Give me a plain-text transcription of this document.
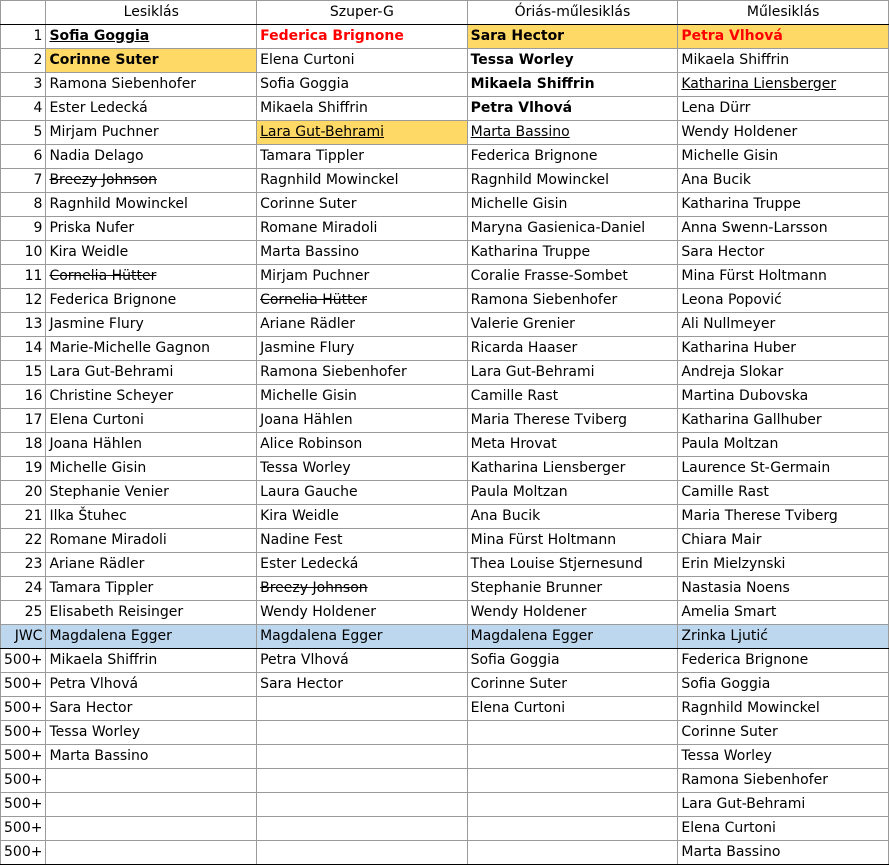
	Lesiklás	Szuper-G	Óriás-műlesiklás	Műlesiklás
1	Sofia Goggia	Federica Brignone	Sara Hector	Petra Vlhová
2	Corinne Suter	Elena Curtoni	Tessa Worley	Mikaela Shiffrin
3	Ramona Siebenhofer	Sofia Goggia	Mikaela Shiffrin	Katharina Liensberger
4	Ester Ledecká	Mikaela Shiffrin	Petra Vlhová	Lena Dürr
5	Mirjam Puchner	Lara Gut-Behrami	Marta Bassino	Wendy Holdener
6	Nadia Delago	Tamara Tippler	Federica Brignone	Michelle Gisin
7	Breezy Johnson	Ragnhild Mowinckel	Ragnhild Mowinckel	Ana Bucik
8	Ragnhild Mowinckel	Corinne Suter	Michelle Gisin	Katharina Truppe
9	Priska Nufer	Romane Miradoli	Maryna Gasienica-Daniel	Anna Swenn-Larsson
10	Kira Weidle	Marta Bassino	Katharina Truppe	Sara Hector
11	Cornelia Hütter	Mirjam Puchner	Coralie Frasse-Sombet	Mina Fürst Holtmann
12	Federica Brignone	Cornelia Hütter	Ramona Siebenhofer	Leona Popović
13	Jasmine Flury	Ariane Rädler	Valerie Grenier	Ali Nullmeyer
14	Marie-Michelle Gagnon	Jasmine Flury	Ricarda Haaser	Katharina Huber
15	Lara Gut-Behrami	Ramona Siebenhofer	Lara Gut-Behrami	Andreja Slokar
16	Christine Scheyer	Michelle Gisin	Camille Rast	Martina Dubovska
17	Elena Curtoni	Joana Hählen	Maria Therese Tviberg	Katharina Gallhuber
18	Joana Hählen	Alice Robinson	Meta Hrovat	Paula Moltzan
19	Michelle Gisin	Tessa Worley	Katharina Liensberger	Laurence St-Germain
20	Stephanie Venier	Laura Gauche	Paula Moltzan	Camille Rast
21	Ilka Štuhec	Kira Weidle	Ana Bucik	Maria Therese Tviberg
22	Romane Miradoli	Nadine Fest	Mina Fürst Holtmann	Chiara Mair
23	Ariane Rädler	Ester Ledecká	Thea Louise Stjernesund	Erin Mielzynski
24	Tamara Tippler	Breezy Johnson	Stephanie Brunner	Nastasia Noens
25	Elisabeth Reisinger	Wendy Holdener	Wendy Holdener	Amelia Smart
JWC	Magdalena Egger	Magdalena Egger	Magdalena Egger	Zrinka Ljutić
500+	Mikaela Shiffrin	Petra Vlhová	Sofia Goggia	Federica Brignone
500+	Petra Vlhová	Sara Hector	Corinne Suter	Sofia Goggia
500+	Sara Hector		Elena Curtoni	Ragnhild Mowinckel
500+	Tessa Worley			Corinne Suter
500+	Marta Bassino			Tessa Worley
500+				Ramona Siebenhofer
500+				Lara Gut-Behrami
500+				Elena Curtoni
500+				Marta Bassino
